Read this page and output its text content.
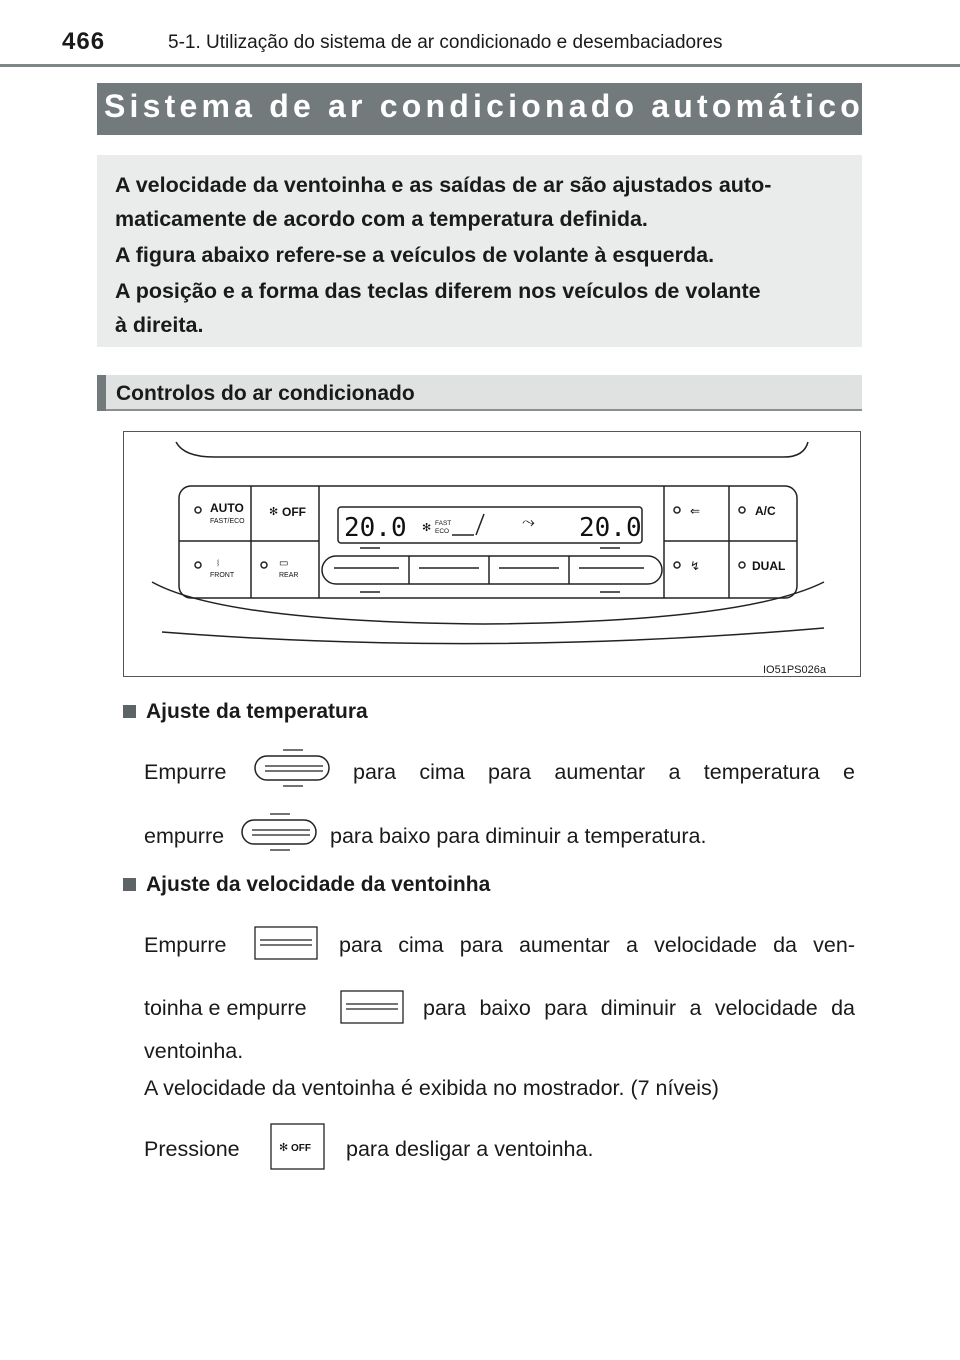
466	5-1. Utilização do sistema de ar condicionado e desembaciadores
Sistema de ar condicionado automático

A velocidade da ventoinha e as saídas de ar são ajustados auto-

maticamente de acordo com a temperatura definida.

A figura abaixo refere-se a veículos de volante à esquerda.

A posição e a forma das teclas diferem nos veículos de volante

à direita.

Controlos do ar condicionado
AUTO
FAST/ECO
✻ OFF
⧙
FRONT
▭
REAR
A/C
DUAL
⇐
↯
20.0	20.0
✻ FAST
ECO
⤳
IO51PS026a
Ajuste da temperatura
Empurre	para cima para aumentar a temperatura e
empurre	para baixo para diminuir a temperatura.
Ajuste da velocidade da ventoinha
Empurre	para cima para aumentar a velocidade da ven-
toinha e empurre	para baixo para diminuir a velocidade da
ventoinha.
A velocidade da ventoinha é exibida no mostrador. (7 níveis)
Pressione	✻ OFF para desligar a ventoinha.
